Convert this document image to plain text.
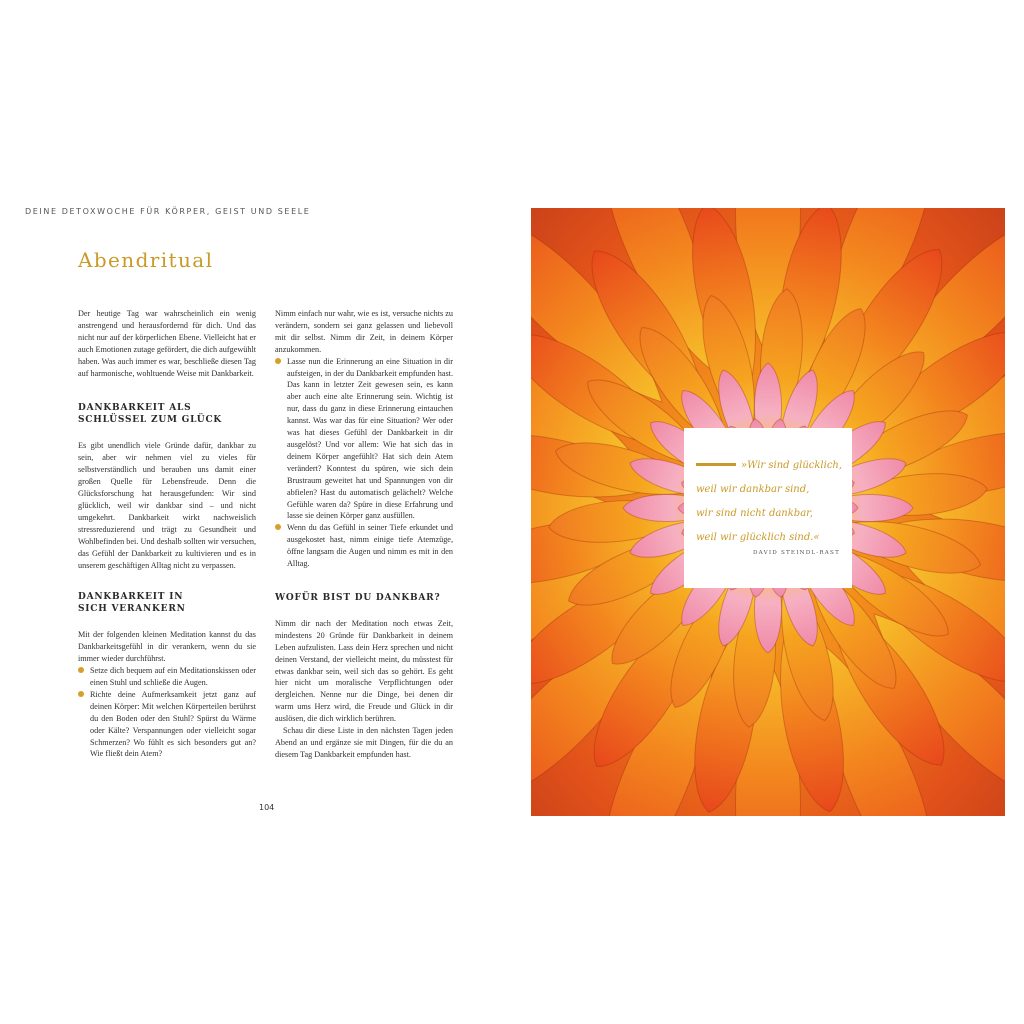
DEINE DETOXWOCHE FÜR KÖRPER, GEIST UND SEELE
Abendritual

Der heutige Tag war wahrscheinlich ein wenig anstrengend und herausfordernd für dich. Und das nicht nur auf der körperlichen Ebene. Vielleicht hat er auch Emotionen zutage gefördert, die dich aufgewühlt haben. Was auch immer es war, beschließe diesen Tag auf harmonische, wohltuende Weise mit Dankbarkeit.

DANKBARKEIT ALS SCHLÜSSEL ZUM GLÜCK

Es gibt unendlich viele Gründe dafür, dankbar zu sein, aber wir nehmen viel zu vieles für selbstverständlich und berauben uns damit einer großen Quelle für Lebensfreude. Denn die Glücksforschung hat herausgefunden: Wir sind glücklich, weil wir dankbar sind – und nicht umgekehrt. Dankbarkeit wirkt nachweislich stressreduzierend und trägt zu Gesundheit und Wohlbefinden bei. Und deshalb sollten wir versuchen, das Gefühl der Dankbarkeit zu kultivieren und es in unserem geschäftigen Alltag nicht zu verpassen.

DANKBARKEIT IN SICH VERANKERN

Mit der folgenden kleinen Meditation kannst du das Dankbarkeitsgefühl in dir verankern, wenn du sie immer wieder durchführst.

Setze dich bequem auf ein Meditationskissen oder einen Stuhl und schließe die Augen.
Richte deine Aufmerksamkeit jetzt ganz auf deinen Körper: Mit welchen Körperteilen berührst du den Boden oder den Stuhl? Spürst du Wärme oder Kälte? Verspannungen oder vielleicht sogar Schmerzen? Wo fühlt es sich besonders gut an? Wie fließt dein Atem?

Nimm einfach nur wahr, wie es ist, versuche nichts zu verändern, sondern sei ganz gelassen und liebevoll mit dir selbst. Nimm dir Zeit, in deinem Körper anzukommen.

Lasse nun die Erinnerung an eine Situation in dir aufsteigen, in der du Dankbarkeit empfunden hast. Das kann in letzter Zeit gewesen sein, es kann aber auch eine alte Erinnerung sein. Wichtig ist nur, dass du ganz in diese Erinnerung eintauchen kannst. Was war das für eine Situation? Wer oder was hat dieses Gefühl der Dankbarkeit in dir ausgelöst? Und vor allem: Wie hat sich das in deinem Körper angefühlt? Hat sich dein Atem verändert? Konntest du spüren, wie sich dein Brustraum geweitet hat und Spannungen von dir abfielen? Hast du automatisch gelächelt? Welche Gefühle waren da? Spüre in diese Erfahrung und lasse sie deinen Körper ganz ausfüllen.
Wenn du das Gefühl in seiner Tiefe erkundet und ausgekostet hast, nimm einige tiefe Atemzüge, öffne langsam die Augen und nimm es mit in den Alltag.
WOFÜR BIST DU DANKBAR?

Nimm dir nach der Meditation noch etwas Zeit, mindestens 20 Gründe für Dankbarkeit in deinem Leben aufzulisten. Lass dein Herz sprechen und nicht deinen Verstand, der vielleicht meint, du müsstest für etwas dankbar sein, weil sich das so gehört. Es geht hier nicht um moralische Verpflichtungen oder dergleichen. Nenne nur die Dinge, bei denen dir warm ums Herz wird, die Freude und Glück in dir auslösen, die dich wirklich berühren.

Schau dir diese Liste in den nächsten Tagen jeden Abend an und ergänze sie mit Dingen, für die du an diesem Tag Dankbarkeit empfunden hast.

104
»Wir sind glücklich,
weil wir dankbar sind,
wir sind nicht dankbar,
weil wir glücklich sind.«
DAVID STEINDL-RAST
